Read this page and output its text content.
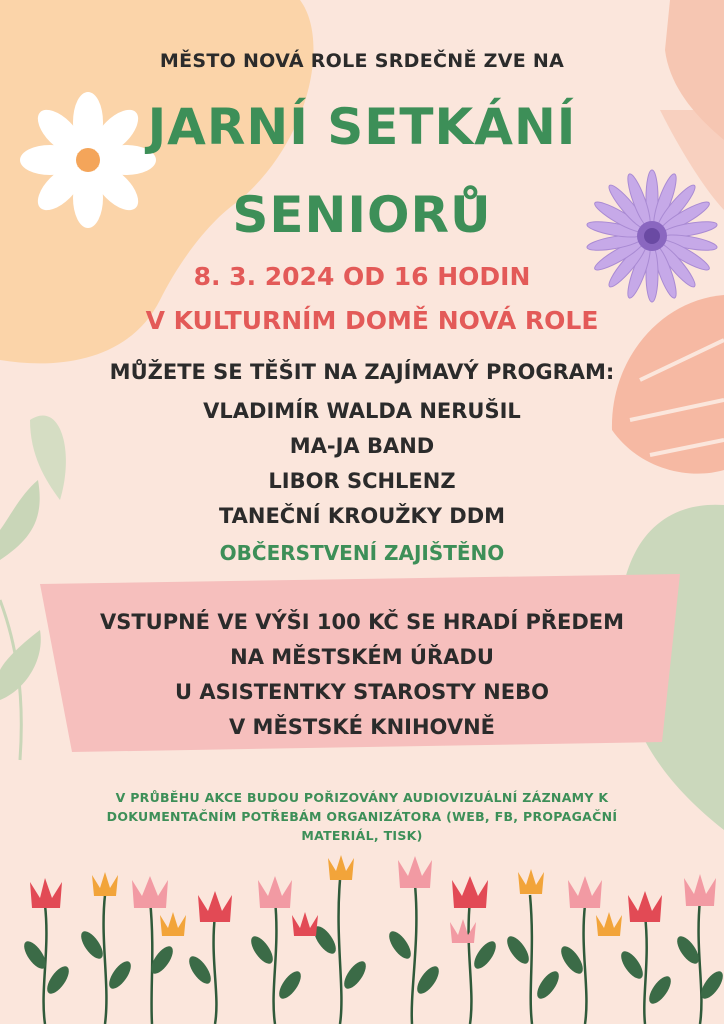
MĚSTO NOVÁ ROLE SRDEČNĚ ZVE NA

JARNÍ SETKÁNÍ
SENIORŮ

8. 3. 2024 OD 16 HODIN

V KULTURNÍM DOMĚ NOVÁ ROLE

MŮŽETE SE TĚŠIT NA ZAJÍMAVÝ PROGRAM:

VLADIMÍR WALDA NERUŠIL
MA-JA BAND
LIBOR SCHLENZ
TANEČNÍ KROUŽKY DDM

OBČERSTVENÍ ZAJIŠTĚNO

VSTUPNÉ VE VÝŠI 100 KČ SE HRADÍ PŘEDEM
NA MĚSTSKÉM ÚŘADU
U ASISTENTKY STAROSTY NEBO
V MĚSTSKÉ KNIHOVNĚ

V PRŮBĚHU AKCE BUDOU POŘIZOVÁNY AUDIOVIZUÁLNÍ ZÁZNAMY K DOKUMENTAČNÍM POTŘEBÁM ORGANIZÁTORA (WEB, FB, PROPAGAČNÍ MATERIÁL, TISK)
